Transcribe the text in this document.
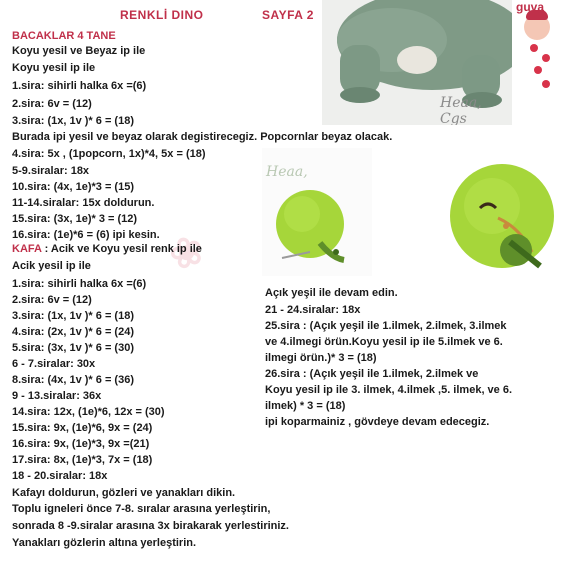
❀
RENKLİ DINO	SAYFA 2
Heaa, Cgs
guva
BACAKLAR 4 TANE
Koyu yesil ve Beyaz ip ile
Koyu yesil ip ile
1.sira: sihirli halka 6x =(6)
2.sira: 6v = (12)
3.sira: (1x, 1v )* 6 = (18)
Burada ipi yesil ve beyaz olarak degistirecegiz. Popcornlar beyaz olacak.
4.sira: 5x , (1popcorn, 1x)*4, 5x = (18)
5-9.siralar: 18x
10.sira: (4x, 1e)*3 = (15)
11-14.siralar: 15x doldurun.
15.sira: (3x, 1e)* 3 = (12)
16.sira: (1e)*6 = (6) ipi kesin.
KAFA : Acik ve Koyu yesil renk ip ile
Acik yesil ip ile
1.sira: sihirli halka 6x =(6)
2.sira: 6v = (12)
3.sira: (1x, 1v )* 6 = (18)
4.sira: (2x, 1v )* 6 = (24)
5.sira: (3x, 1v )* 6 = (30)
6 - 7.siralar: 30x
8.sira: (4x, 1v )* 6 = (36)
9 - 13.siralar: 36x
14.sira: 12x, (1e)*6, 12x = (30)
15.sira: 9x, (1e)*6, 9x = (24)
16.sira: 9x, (1e)*3, 9x =(21)
17.sira: 8x, (1e)*3, 7x = (18)
18 - 20.siralar: 18x
Kafayı doldurun, gözleri ve yanakları dikin.
Toplu igneleri önce 7-8. sıralar arasına yerleştirin,
sonrada 8 -9.siralar arasına 3x birakarak yerlestiriniz.
Yanakları gözlerin altına yerleştirin.
Heaa,
Açık yeşil ile devam edin.
21 - 24.siralar: 18x
25.sira : (Açık yeşil ile 1.ilmek, 2.ilmek, 3.ilmek
ve 4.ilmegi örün.Koyu yesil ip ile 5.ilmek ve 6.
ilmegi örün.)* 3 = (18)
26.sira : (Açık yeşil ile 1.ilmek, 2.ilmek ve
Koyu yesil ip ile 3. ilmek, 4.ilmek ,5. ilmek, ve 6.
ilmek) * 3 = (18)
ipi koparmainiz , gövdeye devam edecegiz.
